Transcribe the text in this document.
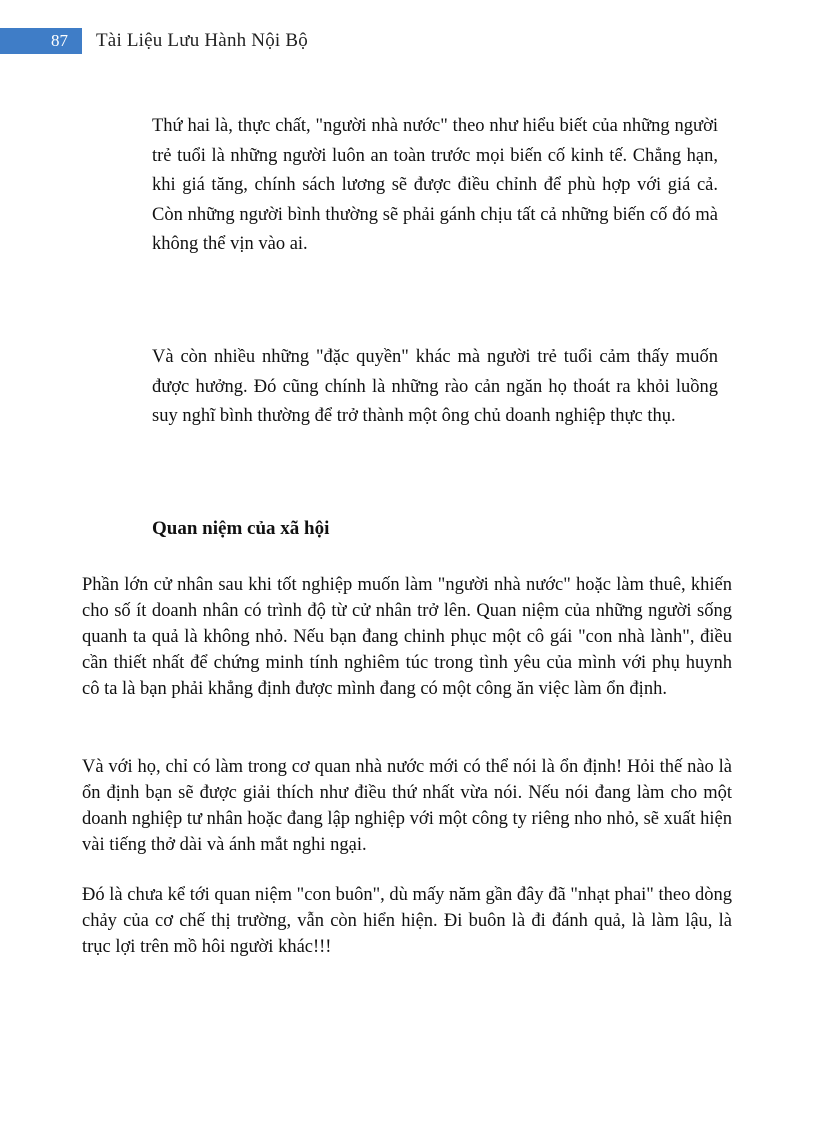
87	Tài Liệu Lưu Hành Nội Bộ

Thứ hai là, thực chất, "người nhà nước" theo như hiểu biết của những người trẻ tuổi là những người luôn an toàn trước mọi biến cố kinh tế. Chẳng hạn, khi giá tăng, chính sách lương sẽ được điều chỉnh để phù hợp với giá cả. Còn những người bình thường sẽ phải gánh chịu tất cả những biến cố đó mà không thể vịn vào ai.

Và còn nhiều những "đặc quyền" khác mà người trẻ tuổi cảm thấy muốn được hưởng. Đó cũng chính là những rào cản ngăn họ thoát ra khỏi luồng suy nghĩ bình thường để trở thành một ông chủ doanh nghiệp thực thụ.

Quan niệm của xã hội

Phần lớn cử nhân sau khi tốt nghiệp muốn làm "người nhà nước" hoặc làm thuê, khiến cho số ít doanh nhân có trình độ từ cử nhân trở lên. Quan niệm của những người sống quanh ta quả là không nhỏ. Nếu bạn đang chinh phục một cô gái "con nhà lành", điều cần thiết nhất để chứng minh tính nghiêm túc trong tình yêu của mình với phụ huynh cô ta là bạn phải khẳng định được mình đang có một công ăn việc làm ổn định.

Và với họ, chỉ có làm trong cơ quan nhà nước mới có thể nói là ổn định! Hỏi thế nào là ổn định bạn sẽ được giải thích như điều thứ nhất vừa nói. Nếu nói đang làm cho một doanh nghiệp tư nhân hoặc đang lập nghiệp với một công ty riêng nho nhỏ, sẽ xuất hiện vài tiếng thở dài và ánh mắt nghi ngại.

Đó là chưa kể tới quan niệm "con buôn", dù mấy năm gần đây đã "nhạt phai" theo dòng chảy của cơ chế thị trường, vẫn còn hiển hiện. Đi buôn là đi đánh quả, là làm lậu, là trục lợi trên mồ hôi người khác!!!
